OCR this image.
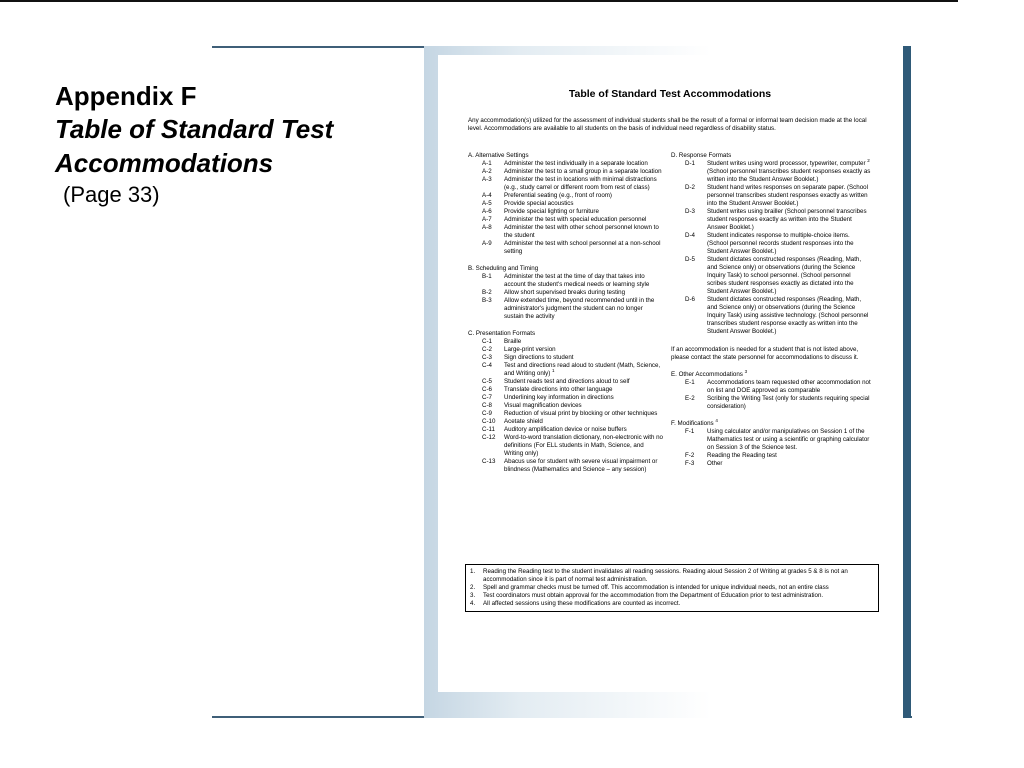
Appendix F
Table of Standard Test
Accommodations
(Page 33)
Table of Standard Test Accommodations
Any accommodation(s) utilized for the assessment of individual students shall be the result of a formal or informal team decision made at the local level. Accommodations are available to all students on the basis of individual need regardless of disability status.
A. Alternative Settings
A-1	Administer the test individually in a separate location
A-2	Administer the test to a small group in a separate location
A-3	Administer the test in locations with minimal distractions (e.g., study carrel or different room from rest of class)
A-4	Preferential seating (e.g., front of room)
A-5	Provide special acoustics
A-6	Provide special lighting or furniture
A-7	Administer the test with special education personnel
A-8	Administer the test with other school personnel known to the student
A-9	Administer the test with school personnel at a non-school setting
B. Scheduling and Timing
B-1	Administer the test at the time of day that takes into account the student's medical needs or learning style
B-2	Allow short supervised breaks during testing
B-3	Allow extended time, beyond recommended until in the administrator's judgment the student can no longer sustain the activity
C. Presentation Formats
C-1	Braille
C-2	Large-print version
C-3	Sign directions to student
C-4	Test and directions read aloud to student (Math, Science, and Writing only) $^1$
C-5	Student reads test and directions aloud to self
C-6	Translate directions into other language
C-7	Underlining key information in directions
C-8	Visual magnification devices
C-9	Reduction of visual print by blocking or other techniques
C-10	Acetate shield
C-11	Auditory amplification device or noise buffers
C-12	Word-to-word translation dictionary, non-electronic with no definitions (For ELL students in Math, Science, and Writing only)
C-13	Abacus use for student with severe visual impairment or blindness (Mathematics and Science – any session)
D. Response Formats
D-1	Student writes using word processor, typewriter, computer $^2$ (School personnel transcribes student responses exactly as written into the Student Answer Booklet.)
D-2	Student hand writes responses on separate paper. (School personnel transcribes student responses exactly as written into the Student Answer Booklet.)
D-3	Student writes using brailler (School personnel transcribes student responses exactly as written into the Student Answer Booklet.)
D-4	Student indicates response to multiple-choice items. (School personnel records student responses into the Student Answer Booklet.)
D-5	Student dictates constructed responses (Reading, Math, and Science only) or observations (during the Science Inquiry Task) to school personnel. (School personnel scribes student responses exactly as dictated into the Student Answer Booklet.)
D-6	Student dictates constructed responses (Reading, Math, and Science only) or observations (during the Science Inquiry Task) using assistive technology. (School personnel transcribes student response exactly as written into the Student Answer Booklet.)
If an accommodation is needed for a student that is not listed above, please contact the state personnel for accommodations to discuss it.
E. Other Accommodations $^3$
E-1	Accommodations team requested other accommodation not on list and DOE approved as comparable
E-2	Scribing the Writing Test (only for students requiring special consideration)
F. Modifications $^4$
F-1	Using calculator and/or manipulatives on Session 1 of the Mathematics test or using a scientific or graphing calculator on Session 3 of the Science test.
F-2	Reading the Reading test
F-3	Other
1.	Reading the Reading test to the student invalidates all reading sessions. Reading aloud Session 2 of Writing at grades 5 & 8 is not an accommodation since it is part of normal test administration.
2.	Spell and grammar checks must be turned off. This accommodation is intended for unique individual needs, not an entire class
3.	Test coordinators must obtain approval for the accommodation from the Department of Education prior to test administration.
4.	All affected sessions using these modifications are counted as incorrect.
